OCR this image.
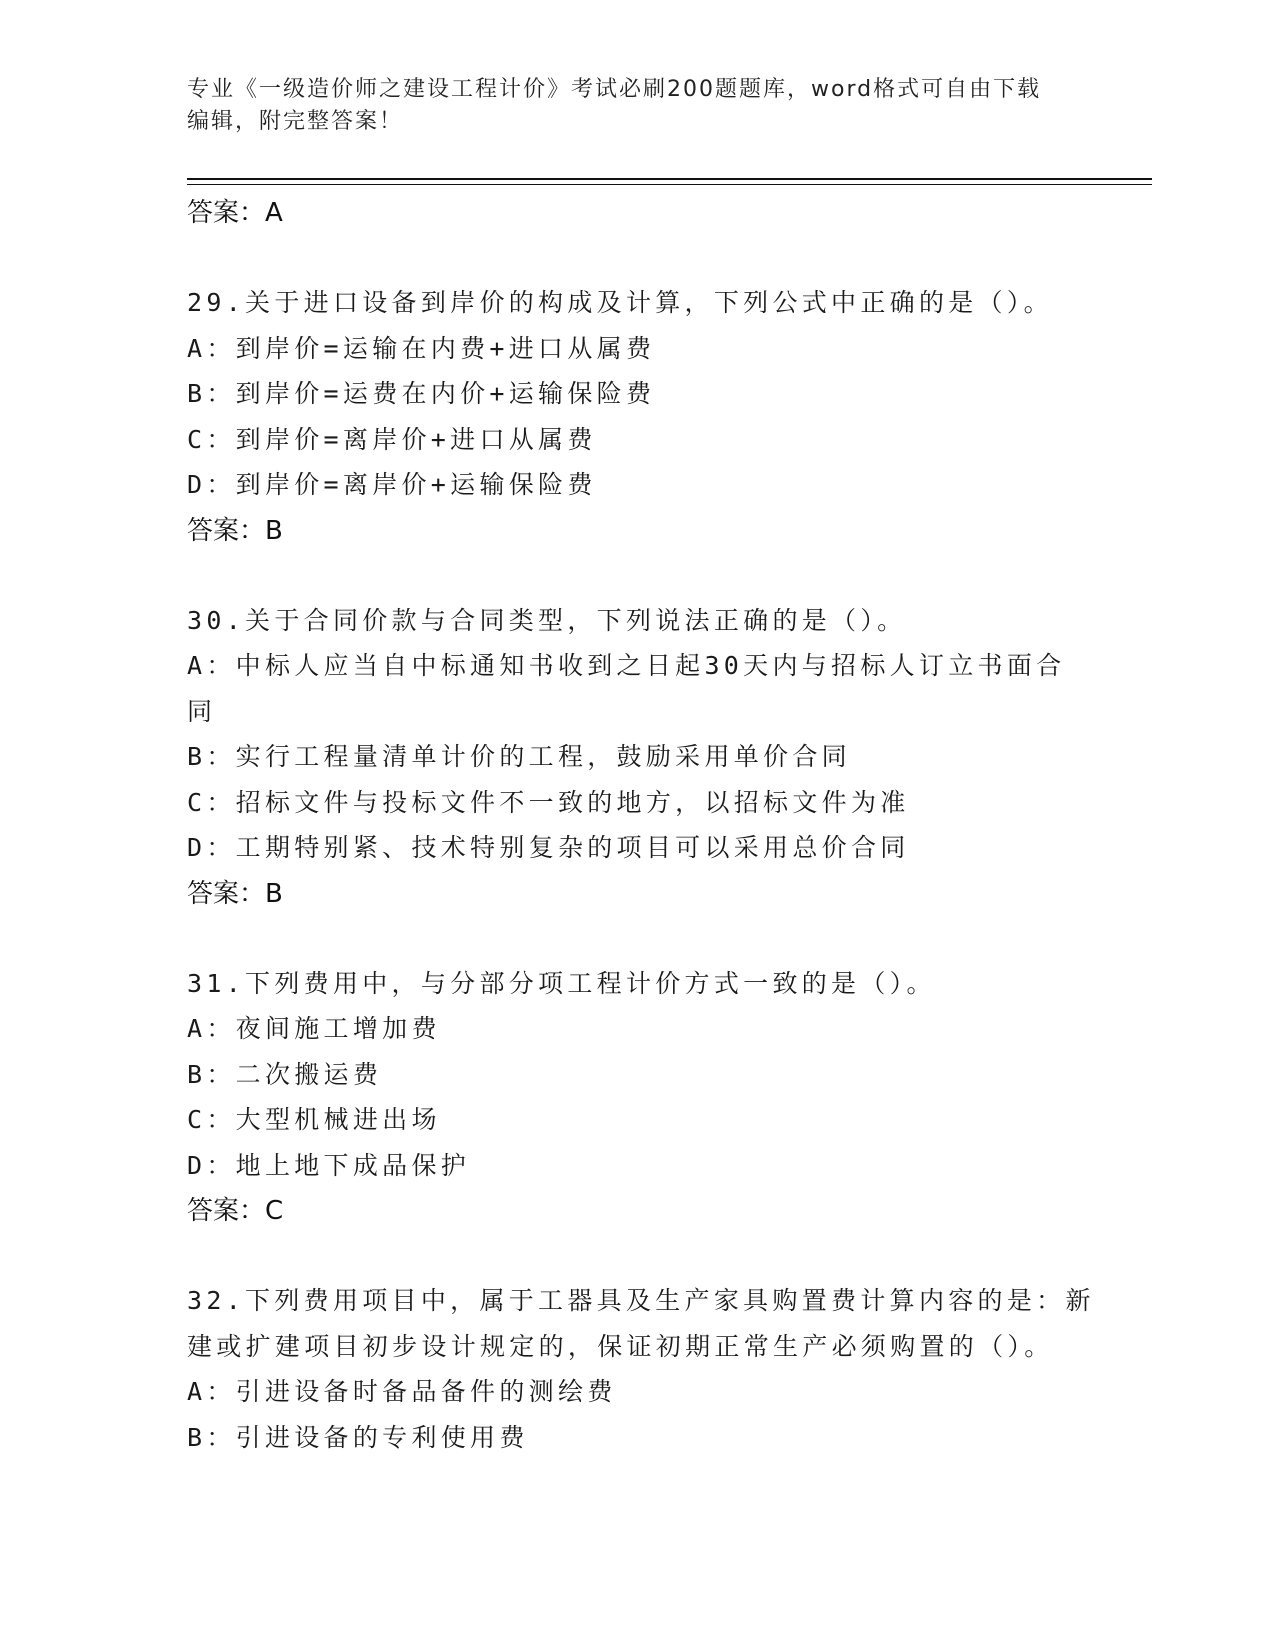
专业《一级造价师之建设工程计价》考试必刷200题题库，word格式可自由下载
编辑，附完整答案！
答案：A
29.关于进口设备到岸价的构成及计算，下列公式中正确的是（）。
A：到岸价=运输在内费+进口从属费
B：到岸价=运费在内价+运输保险费
C：到岸价=离岸价+进口从属费
D：到岸价=离岸价+运输保险费
答案：B
30.关于合同价款与合同类型，下列说法正确的是（）。
A：中标人应当自中标通知书收到之日起30天内与招标人订立书面合同
B：实行工程量清单计价的工程，鼓励采用单价合同
C：招标文件与投标文件不一致的地方，以招标文件为准
D：工期特别紧、技术特别复杂的项目可以采用总价合同
答案：B
31.下列费用中，与分部分项工程计价方式一致的是（）。
A：夜间施工增加费
B：二次搬运费
C：大型机械进出场
D：地上地下成品保护
答案：C
32.下列费用项目中，属于工器具及生产家具购置费计算内容的是：新
建或扩建项目初步设计规定的，保证初期正常生产必须购置的（）。
A：引进设备时备品备件的测绘费
B：引进设备的专利使用费
